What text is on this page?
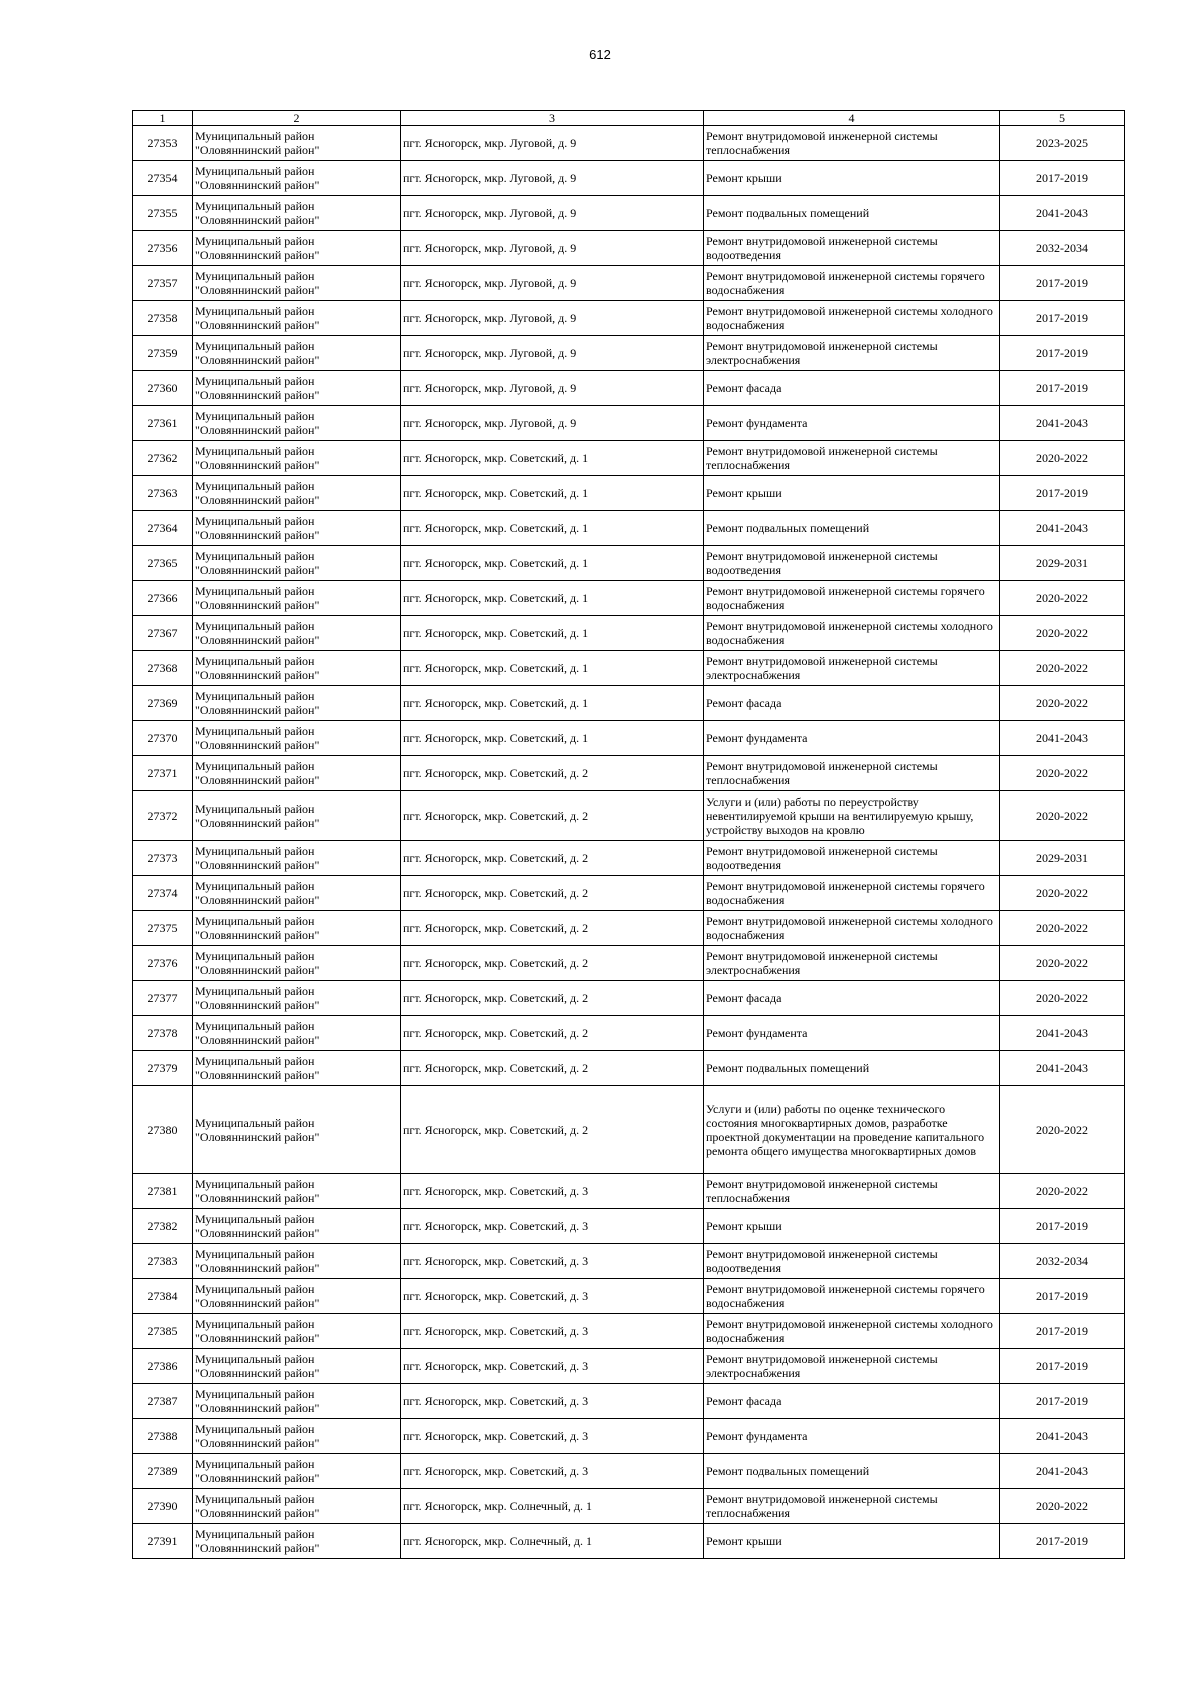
612
1	2	3	4	5
27353	Муниципальный район "Оловяннинский район"	пгт. Ясногорск, мкр. Луговой, д. 9	Ремонт внутридомовой инженерной системы теплоснабжения	2023-2025
27354	Муниципальный район "Оловяннинский район"	пгт. Ясногорск, мкр. Луговой, д. 9	Ремонт крыши	2017-2019
27355	Муниципальный район "Оловяннинский район"	пгт. Ясногорск, мкр. Луговой, д. 9	Ремонт подвальных помещений	2041-2043
27356	Муниципальный район "Оловяннинский район"	пгт. Ясногорск, мкр. Луговой, д. 9	Ремонт внутридомовой инженерной системы водоотведения	2032-2034
27357	Муниципальный район "Оловяннинский район"	пгт. Ясногорск, мкр. Луговой, д. 9	Ремонт внутридомовой инженерной системы горячего водоснабжения	2017-2019
27358	Муниципальный район "Оловяннинский район"	пгт. Ясногорск, мкр. Луговой, д. 9	Ремонт внутридомовой инженерной системы холодного водоснабжения	2017-2019
27359	Муниципальный район "Оловяннинский район"	пгт. Ясногорск, мкр. Луговой, д. 9	Ремонт внутридомовой инженерной системы электроснабжения	2017-2019
27360	Муниципальный район "Оловяннинский район"	пгт. Ясногорск, мкр. Луговой, д. 9	Ремонт фасада	2017-2019
27361	Муниципальный район "Оловяннинский район"	пгт. Ясногорск, мкр. Луговой, д. 9	Ремонт фундамента	2041-2043
27362	Муниципальный район "Оловяннинский район"	пгт. Ясногорск, мкр. Советский, д. 1	Ремонт внутридомовой инженерной системы теплоснабжения	2020-2022
27363	Муниципальный район "Оловяннинский район"	пгт. Ясногорск, мкр. Советский, д. 1	Ремонт крыши	2017-2019
27364	Муниципальный район "Оловяннинский район"	пгт. Ясногорск, мкр. Советский, д. 1	Ремонт подвальных помещений	2041-2043
27365	Муниципальный район "Оловяннинский район"	пгт. Ясногорск, мкр. Советский, д. 1	Ремонт внутридомовой инженерной системы водоотведения	2029-2031
27366	Муниципальный район "Оловяннинский район"	пгт. Ясногорск, мкр. Советский, д. 1	Ремонт внутридомовой инженерной системы горячего водоснабжения	2020-2022
27367	Муниципальный район "Оловяннинский район"	пгт. Ясногорск, мкр. Советский, д. 1	Ремонт внутридомовой инженерной системы холодного водоснабжения	2020-2022
27368	Муниципальный район "Оловяннинский район"	пгт. Ясногорск, мкр. Советский, д. 1	Ремонт внутридомовой инженерной системы электроснабжения	2020-2022
27369	Муниципальный район "Оловяннинский район"	пгт. Ясногорск, мкр. Советский, д. 1	Ремонт фасада	2020-2022
27370	Муниципальный район "Оловяннинский район"	пгт. Ясногорск, мкр. Советский, д. 1	Ремонт фундамента	2041-2043
27371	Муниципальный район "Оловяннинский район"	пгт. Ясногорск, мкр. Советский, д. 2	Ремонт внутридомовой инженерной системы теплоснабжения	2020-2022
27372	Муниципальный район "Оловяннинский район"	пгт. Ясногорск, мкр. Советский, д. 2	Услуги и (или) работы по переустройству невентилируемой крыши на вентилируемую крышу, устройству выходов на кровлю	2020-2022
27373	Муниципальный район "Оловяннинский район"	пгт. Ясногорск, мкр. Советский, д. 2	Ремонт внутридомовой инженерной системы водоотведения	2029-2031
27374	Муниципальный район "Оловяннинский район"	пгт. Ясногорск, мкр. Советский, д. 2	Ремонт внутридомовой инженерной системы горячего водоснабжения	2020-2022
27375	Муниципальный район "Оловяннинский район"	пгт. Ясногорск, мкр. Советский, д. 2	Ремонт внутридомовой инженерной системы холодного водоснабжения	2020-2022
27376	Муниципальный район "Оловяннинский район"	пгт. Ясногорск, мкр. Советский, д. 2	Ремонт внутридомовой инженерной системы электроснабжения	2020-2022
27377	Муниципальный район "Оловяннинский район"	пгт. Ясногорск, мкр. Советский, д. 2	Ремонт фасада	2020-2022
27378	Муниципальный район "Оловяннинский район"	пгт. Ясногорск, мкр. Советский, д. 2	Ремонт фундамента	2041-2043
27379	Муниципальный район "Оловяннинский район"	пгт. Ясногорск, мкр. Советский, д. 2	Ремонт подвальных помещений	2041-2043
27380	Муниципальный район "Оловяннинский район"	пгт. Ясногорск, мкр. Советский, д. 2	Услуги и (или) работы по оценке технического состояния многоквартирных домов, разработке проектной документации на проведение капитального ремонта общего имущества многоквартирных домов	2020-2022
27381	Муниципальный район "Оловяннинский район"	пгт. Ясногорск, мкр. Советский, д. 3	Ремонт внутридомовой инженерной системы теплоснабжения	2020-2022
27382	Муниципальный район "Оловяннинский район"	пгт. Ясногорск, мкр. Советский, д. 3	Ремонт крыши	2017-2019
27383	Муниципальный район "Оловяннинский район"	пгт. Ясногорск, мкр. Советский, д. 3	Ремонт внутридомовой инженерной системы водоотведения	2032-2034
27384	Муниципальный район "Оловяннинский район"	пгт. Ясногорск, мкр. Советский, д. 3	Ремонт внутридомовой инженерной системы горячего водоснабжения	2017-2019
27385	Муниципальный район "Оловяннинский район"	пгт. Ясногорск, мкр. Советский, д. 3	Ремонт внутридомовой инженерной системы холодного водоснабжения	2017-2019
27386	Муниципальный район "Оловяннинский район"	пгт. Ясногорск, мкр. Советский, д. 3	Ремонт внутридомовой инженерной системы электроснабжения	2017-2019
27387	Муниципальный район "Оловяннинский район"	пгт. Ясногорск, мкр. Советский, д. 3	Ремонт фасада	2017-2019
27388	Муниципальный район "Оловяннинский район"	пгт. Ясногорск, мкр. Советский, д. 3	Ремонт фундамента	2041-2043
27389	Муниципальный район "Оловяннинский район"	пгт. Ясногорск, мкр. Советский, д. 3	Ремонт подвальных помещений	2041-2043
27390	Муниципальный район "Оловяннинский район"	пгт. Ясногорск, мкр. Солнечный, д. 1	Ремонт внутридомовой инженерной системы теплоснабжения	2020-2022
27391	Муниципальный район "Оловяннинский район"	пгт. Ясногорск, мкр. Солнечный, д. 1	Ремонт крыши	2017-2019
